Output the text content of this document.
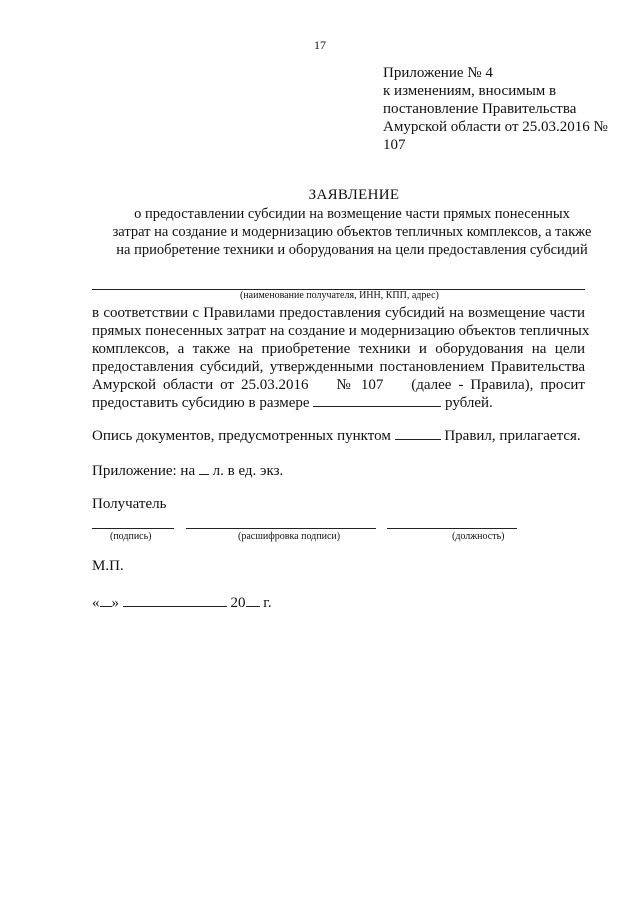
17
Приложение № 4
к изменениям, вносимым в
постановление Правительства
Амурской области от 25.03.2016 №
107
ЗАЯВЛЕНИЕ
о предоставлении субсидии на возмещение части прямых понесенных
затрат на создание и модернизацию объектов тепличных комплексов, а также
на приобретение техники и оборудования на цели предоставления субсидий
(наименование получателя, ИНН, КПП, адрес)
в соответствии с Правилами предоставления субсидий на возмещение части
прямых понесенных затрат на создание и модернизацию объектов тепличных
комплексов, а также на приобретение техники и оборудования на цели
предоставления субсидий, утвержденными постановлением Правительства
Амурской области от 25.03.2016    № 107    (далее - Правила), просит
предоставить субсидию в размере	рублей.
Опись документов, предусмотренных пунктом	Правил, прилагается.
Приложение: на л. в ед. экз.
Получатель
(подпись)	(расшифровка подписи)	(должность)
М.П.
« »	20 г.
